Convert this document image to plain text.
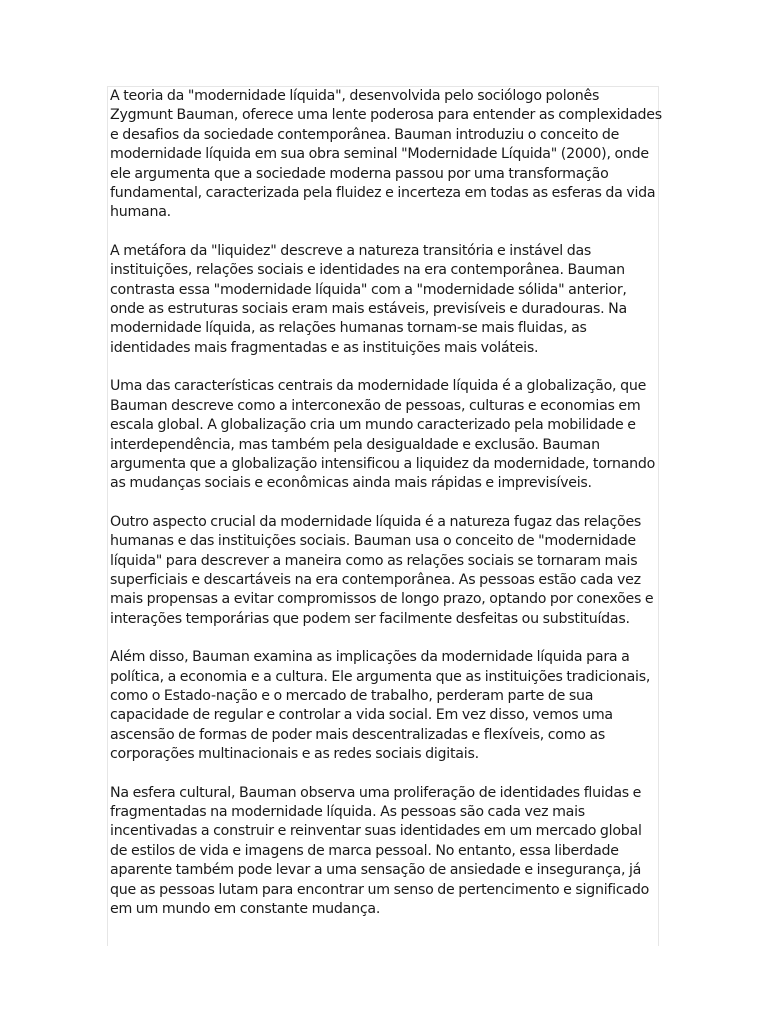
A teoria da "modernidade líquida", desenvolvida pelo sociólogo polonês Zygmunt Bauman, oferece uma lente poderosa para entender as complexidades e desafios da sociedade contemporânea. Bauman introduziu o conceito de modernidade líquida em sua obra seminal "Modernidade Líquida" (2000), onde ele argumenta que a sociedade moderna passou por uma transformação fundamental, caracterizada pela fluidez e incerteza em todas as esferas da vida humana.

A metáfora da "liquidez" descreve a natureza transitória e instável das instituições, relações sociais e identidades na era contemporânea. Bauman contrasta essa "modernidade líquida" com a "modernidade sólida" anterior, onde as estruturas sociais eram mais estáveis, previsíveis e duradouras. Na modernidade líquida, as relações humanas tornam-se mais fluidas, as identidades mais fragmentadas e as instituições mais voláteis.

Uma das características centrais da modernidade líquida é a globalização, que Bauman descreve como a interconexão de pessoas, culturas e economias em escala global. A globalização cria um mundo caracterizado pela mobilidade e interdependência, mas também pela desigualdade e exclusão. Bauman argumenta que a globalização intensificou a liquidez da modernidade, tornando as mudanças sociais e econômicas ainda mais rápidas e imprevisíveis.

Outro aspecto crucial da modernidade líquida é a natureza fugaz das relações humanas e das instituições sociais. Bauman usa o conceito de "modernidade líquida" para descrever a maneira como as relações sociais se tornaram mais superficiais e descartáveis na era contemporânea. As pessoas estão cada vez mais propensas a evitar compromissos de longo prazo, optando por conexões e interações temporárias que podem ser facilmente desfeitas ou substituídas.

Além disso, Bauman examina as implicações da modernidade líquida para a política, a economia e a cultura. Ele argumenta que as instituições tradicionais, como o Estado-nação e o mercado de trabalho, perderam parte de sua capacidade de regular e controlar a vida social. Em vez disso, vemos uma ascensão de formas de poder mais descentralizadas e flexíveis, como as corporações multinacionais e as redes sociais digitais.

Na esfera cultural, Bauman observa uma proliferação de identidades fluidas e fragmentadas na modernidade líquida. As pessoas são cada vez mais incentivadas a construir e reinventar suas identidades em um mercado global de estilos de vida e imagens de marca pessoal. No entanto, essa liberdade aparente também pode levar a uma sensação de ansiedade e insegurança, já que as pessoas lutam para encontrar um senso de pertencimento e significado em um mundo em constante mudança.
